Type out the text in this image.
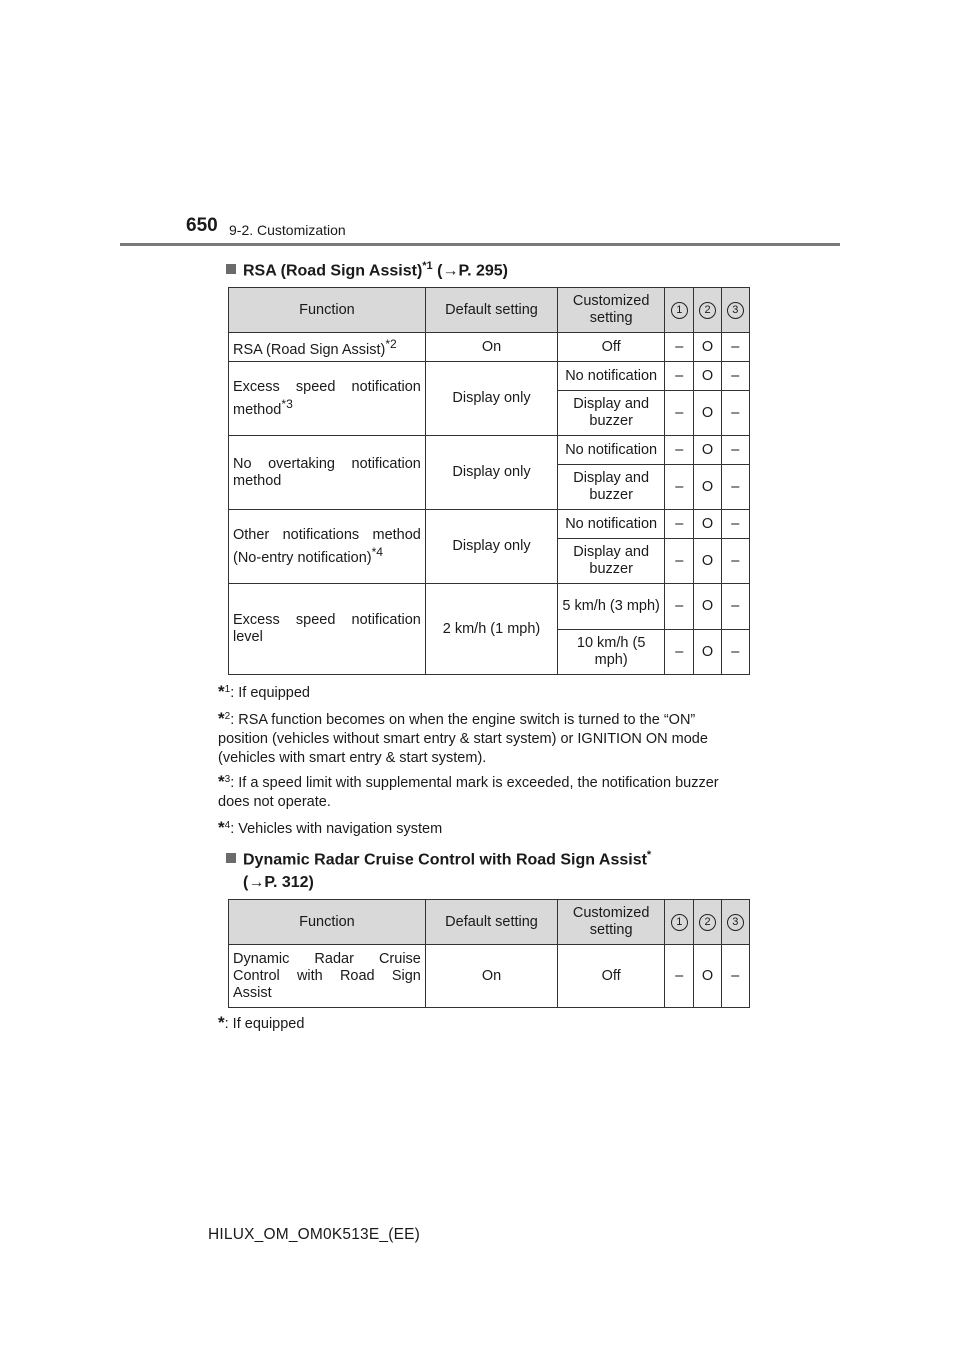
650 9-2. Customization
RSA (Road Sign Assist)$^{*1}$ (→P. 295)
Function	Default setting	Customized setting	1	2	3
RSA (Road Sign Assist)$^{*2}$	On	Off	–	O	–
Excess speed notification method$^{*3}$	Display only	No notification	–	O	–
		Display and buzzer	–	O	–
No overtaking notification method	Display only	No notification	–	O	–
		Display and buzzer	–	O	–
Other notifications method (No-entry notification)$^{*4}$	Display only	No notification	–	O	–
		Display and buzzer	–	O	–
Excess speed notification level	2 km/h (1 mph)	5 km/h (3 mph)	–	O	–
		10 km/h (5 mph)	–	O	–
*$^1$: If equipped
*$^2$: RSA function becomes on when the engine switch is turned to the “ON” position (vehicles without smart entry & start system) or IGNITION ON mode (vehicles with smart entry & start system).
*$^3$: If a speed limit with supplemental mark is exceeded, the notification buzzer does not operate.
*$^4$: Vehicles with navigation system
Dynamic Radar Cruise Control with Road Sign Assist*
(→P. 312)
Function	Default setting	Customized setting	1	2	3
Dynamic Radar Cruise Control with Road Sign Assist	On	Off	–	O	–
*: If equipped
HILUX_OM_OM0K513E_(EE)
